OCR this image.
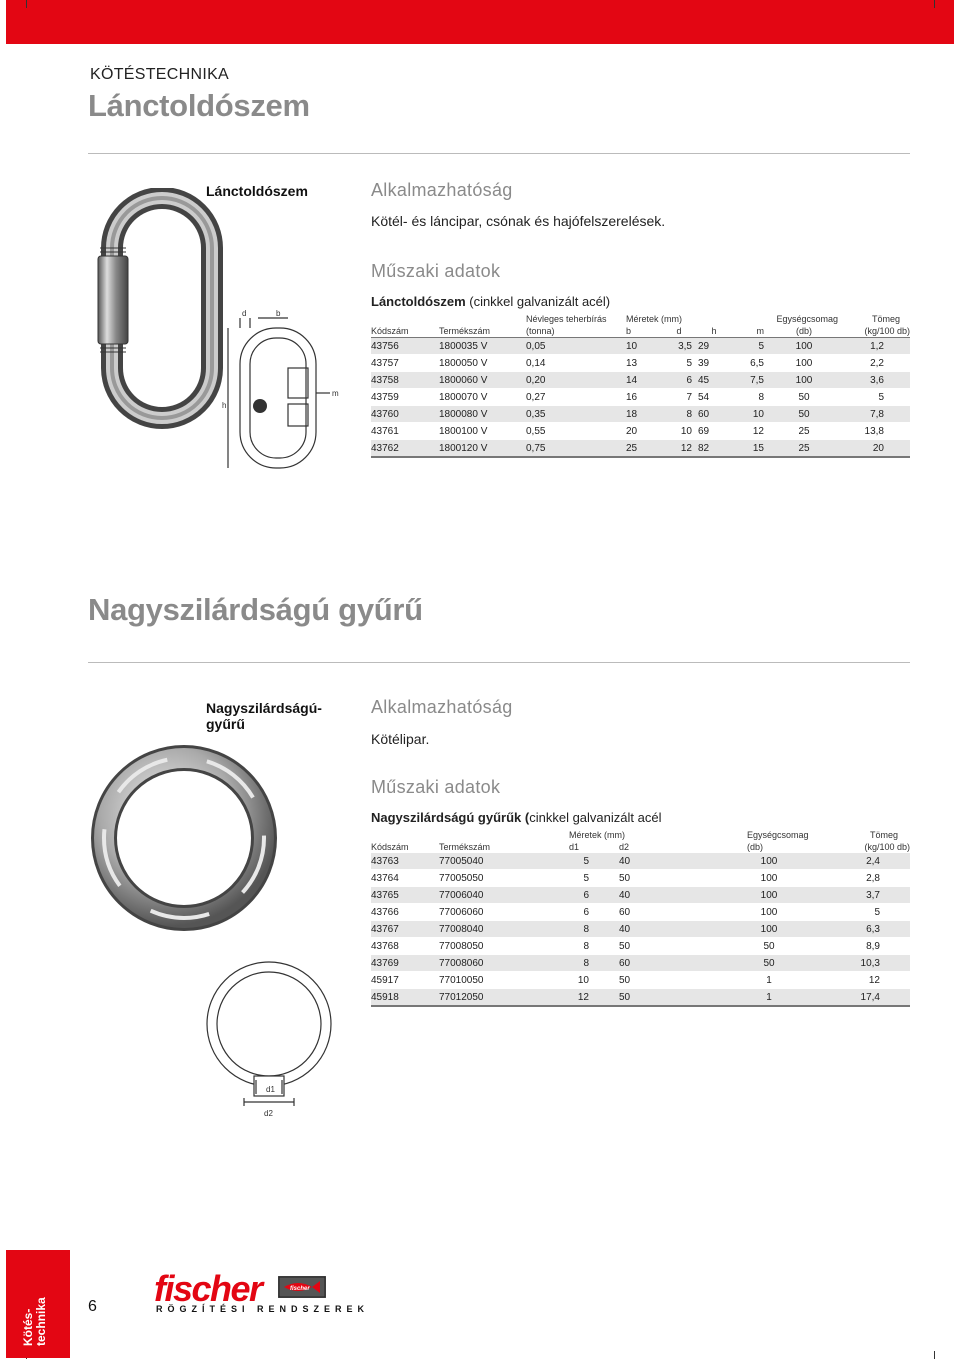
KÖTÉSTECHNIKA
Lánctoldószem
Lánctoldószem	Alkalmazhatóság
Kötél- és láncipar, csónak és hajófelszerelések.
Műszaki adatok
Lánctoldószem (cinkkel galvanizált acél)
d	b
h
m
		Névleges teherbírás	Méretek (mm)				Egységcsomag	Tömeg
Kódszám	Termékszám	(tonna)	b	d	h	m	(db)	(kg/100 db)
43756	1800035 V	0,05	10	3,5	29	5	100	1,2
43757	1800050 V	0,14	13	5	39	6,5	100	2,2
43758	1800060 V	0,20	14	6	45	7,5	100	3,6
43759	1800070 V	0,27	16	7	54	8	50	5
43760	1800080 V	0,35	18	8	60	10	50	7,8
43761	1800100 V	0,55	20	10	69	12	25	13,8
43762	1800120 V	0,75	25	12	82	15	25	20
Nagyszilárdságú gyűrű
Nagyszilárdságú-
gyűrű
Alkalmazhatóság
Kötélipar.
Műszaki adatok
Nagyszilárdságú gyűrűk (cinkkel galvanizált acél
d1
d2
		Méretek (mm)		Egységcsomag	Tömeg
Kódszám	Termékszám	d1	d2	(db)	(kg/100 db)
43763	77005040	5	40	100	2,4
43764	77005050	5	50	100	2,8
43765	77006040	6	40	100	3,7
43766	77006060	6	60	100	5
43767	77008040	8	40	100	6,3
43768	77008050	8	50	50	8,9
43769	77008060	8	60	50	10,3
45917	77010050	10	50	1	12
45918	77012050	12	50	1	17,4
Kötés-
technika	6 fischer	fischer
RÖGZÍTÉSI RENDSZEREK
